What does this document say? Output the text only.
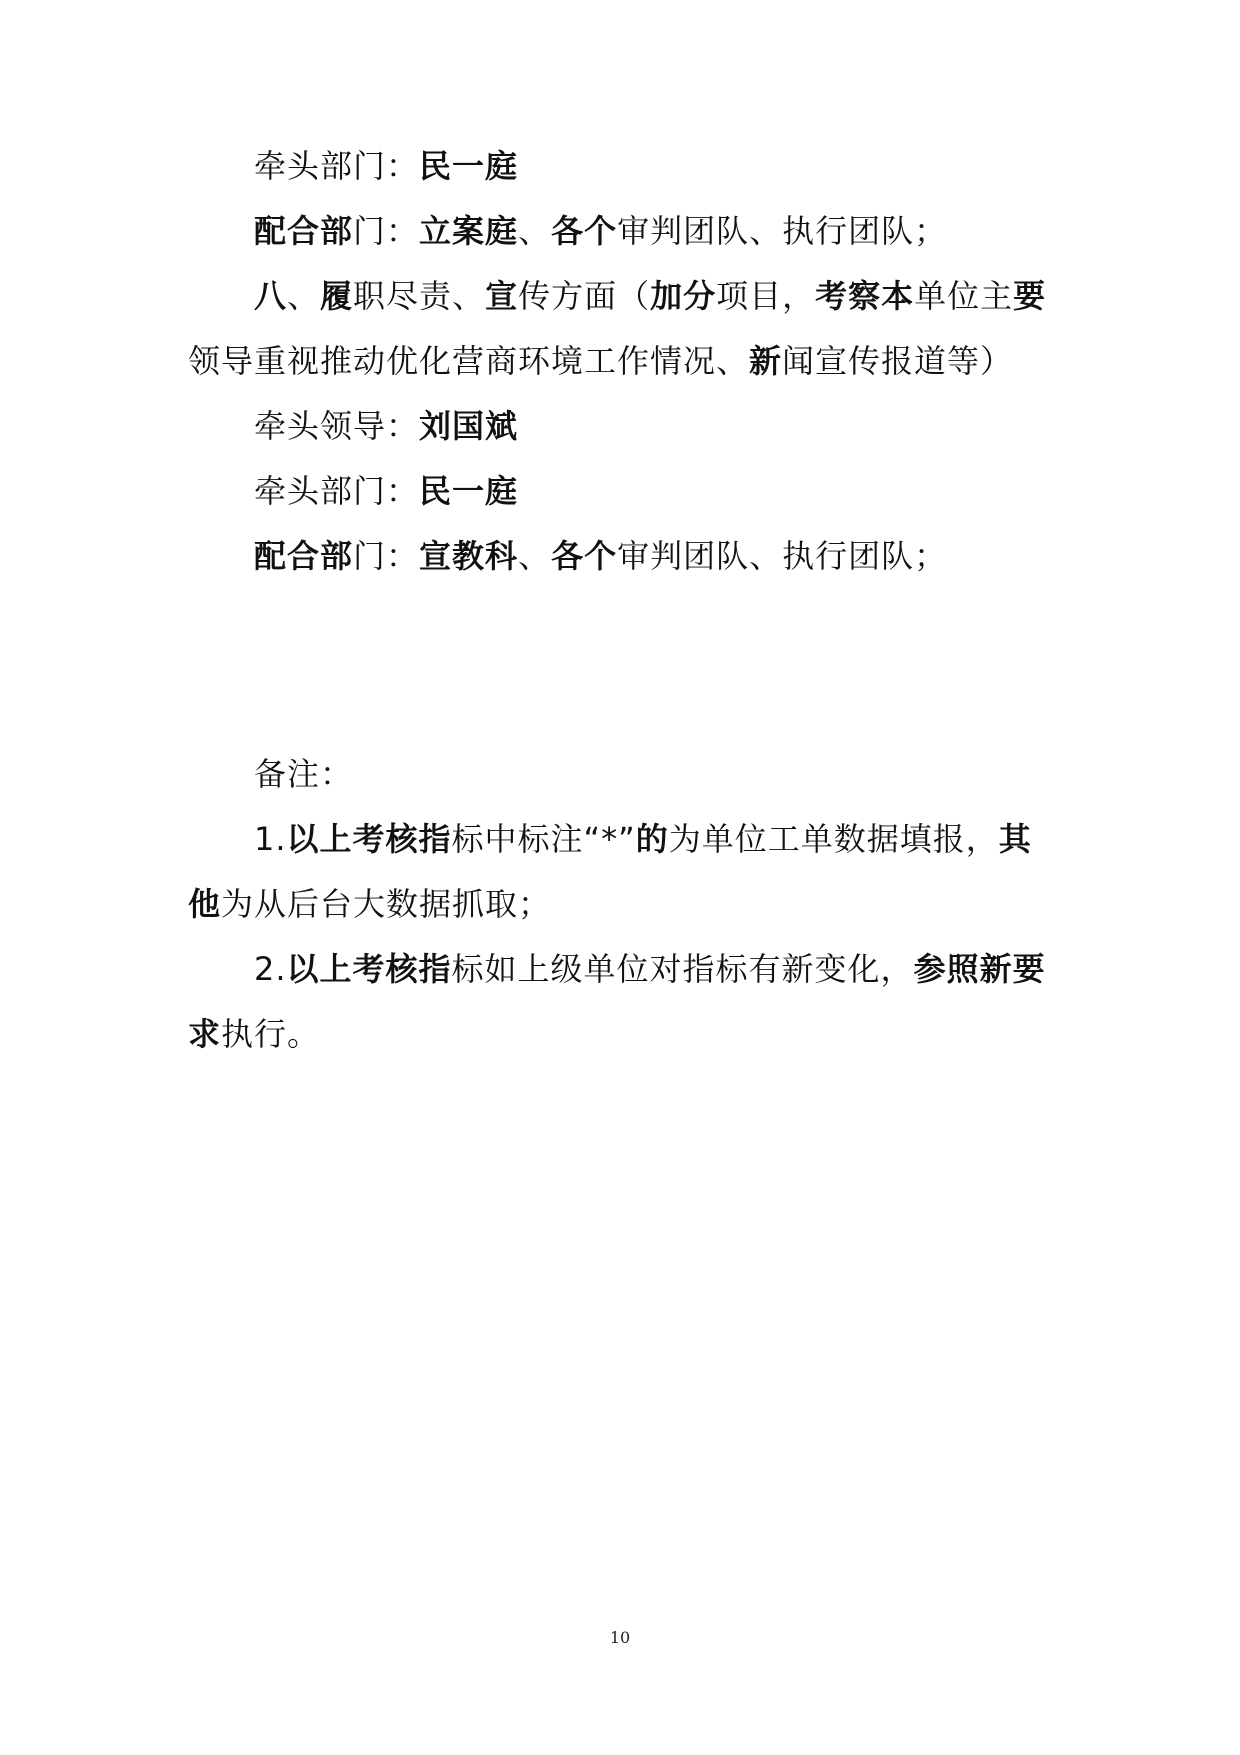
牵头部门：民一庭

配合部门：立案庭、各个审判团队、执行团队；

八、履职尽责、宣传方面（加分项目，考察本单位主要领导重视推动优化营商环境工作情况、新闻宣传报道等）

牵头领导：刘国斌

牵头部门：民一庭

配合部门：宣教科、各个审判团队、执行团队；

备注：

1.以上考核指标中标注“*”的为单位工单数据填报，其他为从后台大数据抓取；

2.以上考核指标如上级单位对指标有新变化，参照新要求执行。

10
